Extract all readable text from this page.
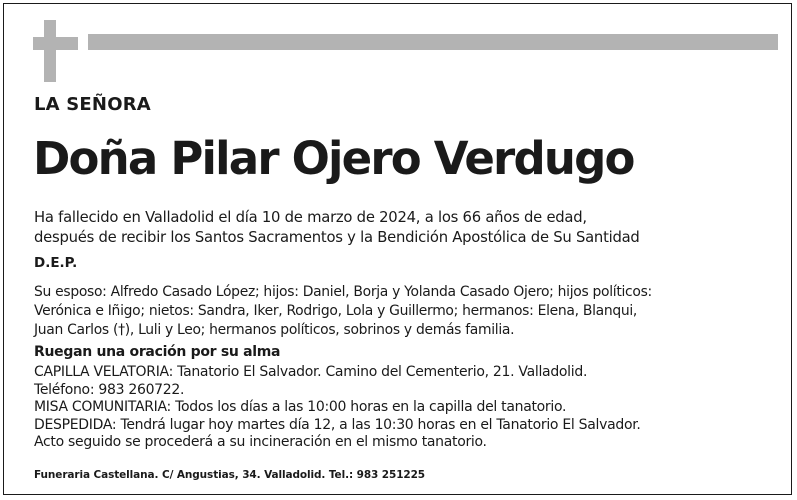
LA SEÑORA
Doña Pilar Ojero Verdugo
Ha fallecido en Valladolid el día 10 de marzo de 2024, a los 66 años de edad,
después de recibir los Santos Sacramentos y la Bendición Apostólica de Su Santidad
D.E.P.
Su esposo: Alfredo Casado López; hijos: Daniel, Borja y Yolanda Casado Ojero; hijos políticos:
Verónica e Iñigo; nietos: Sandra, Iker, Rodrigo, Lola y Guillermo; hermanos: Elena, Blanqui,
Juan Carlos (†), Luli y Leo; hermanos políticos, sobrinos y demás familia.
Ruegan una oración por su alma
CAPILLA VELATORIA: Tanatorio El Salvador. Camino del Cementerio, 21. Valladolid.
Teléfono: 983 260722.
MISA COMUNITARIA: Todos los días a las 10:00 horas en la capilla del tanatorio.
DESPEDIDA: Tendrá lugar hoy martes día 12, a las 10:30 horas en el Tanatorio El Salvador.
Acto seguido se procederá a su incineración en el mismo tanatorio.
Funeraria Castellana. C/ Angustias, 34. Valladolid. Tel.: 983 251225
